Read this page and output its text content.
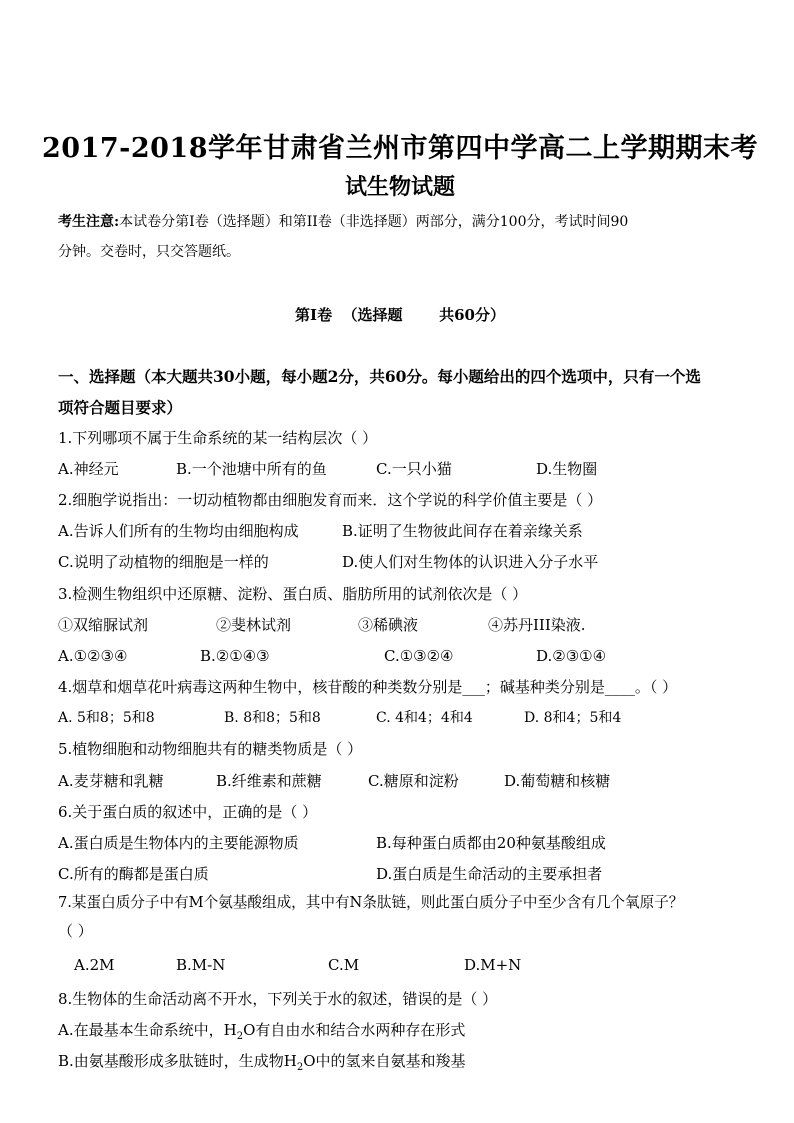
2017-2018学年甘肃省兰州市第四中学高二上学期期末考
试生物试题
考生注意:本试卷分第Ⅰ卷（选择题）和第II卷（非选择题）两部分，满分100分，考试时间90
分钟。交卷时，只交答题纸。
第Ⅰ卷  （选择题       共60分）
一、选择题（本大题共30小题，每小题2分，共60分。每小题给出的四个选项中，只有一个选
项符合题目要求）
1.下列哪项不属于生命系统的某一结构层次（ ）
A.神经元	B.一个池塘中所有的鱼	C.一只小猫	D.生物圈
2.细胞学说指出：一切动植物都由细胞发育而来．这个学说的科学价值主要是（ ）
A.告诉人们所有的生物均由细胞构成	B.证明了生物彼此间存在着亲缘关系
C.说明了动植物的细胞是一样的	D.使人们对生物体的认识进入分子水平
3.检测生物组织中还原糖、淀粉、蛋白质、脂肪所用的试剂依次是（ ）
①双缩脲试剂	②斐林试剂	③稀碘液	④苏丹III染液.
A.①②③④	B.②①④③	C.①③②④	D.②③①④
4.烟草和烟草花叶病毒这两种生物中，核苷酸的种类数分别是___；碱基种类分别是____。（ ）
A. 5和8；5和8	B. 8和8；5和8	C. 4和4；4和4	D. 8和4；5和4
5.植物细胞和动物细胞共有的糖类物质是（ ）
A.麦芽糖和乳糖	B.纤维素和蔗糖	C.糖原和淀粉	D.葡萄糖和核糖
6.关于蛋白质的叙述中，正确的是（ ）
A.蛋白质是生物体内的主要能源物质	B.每种蛋白质都由20种氨基酸组成
C.所有的酶都是蛋白质	D.蛋白质是生命活动的主要承担者
7.某蛋白质分子中有M个氨基酸组成，其中有N条肽链，则此蛋白质分子中至少含有几个氧原子？
（ ）
A.2M	B.M-N	C.M	D.M+N
8.生物体的生命活动离不开水，下列关于水的叙述，错误的是（ ）
A.在最基本生命系统中，$H_2O$有自由水和结合水两种存在形式
B.由氨基酸形成多肽链时，生成物$H_2O$中的氢来自氨基和羧基
